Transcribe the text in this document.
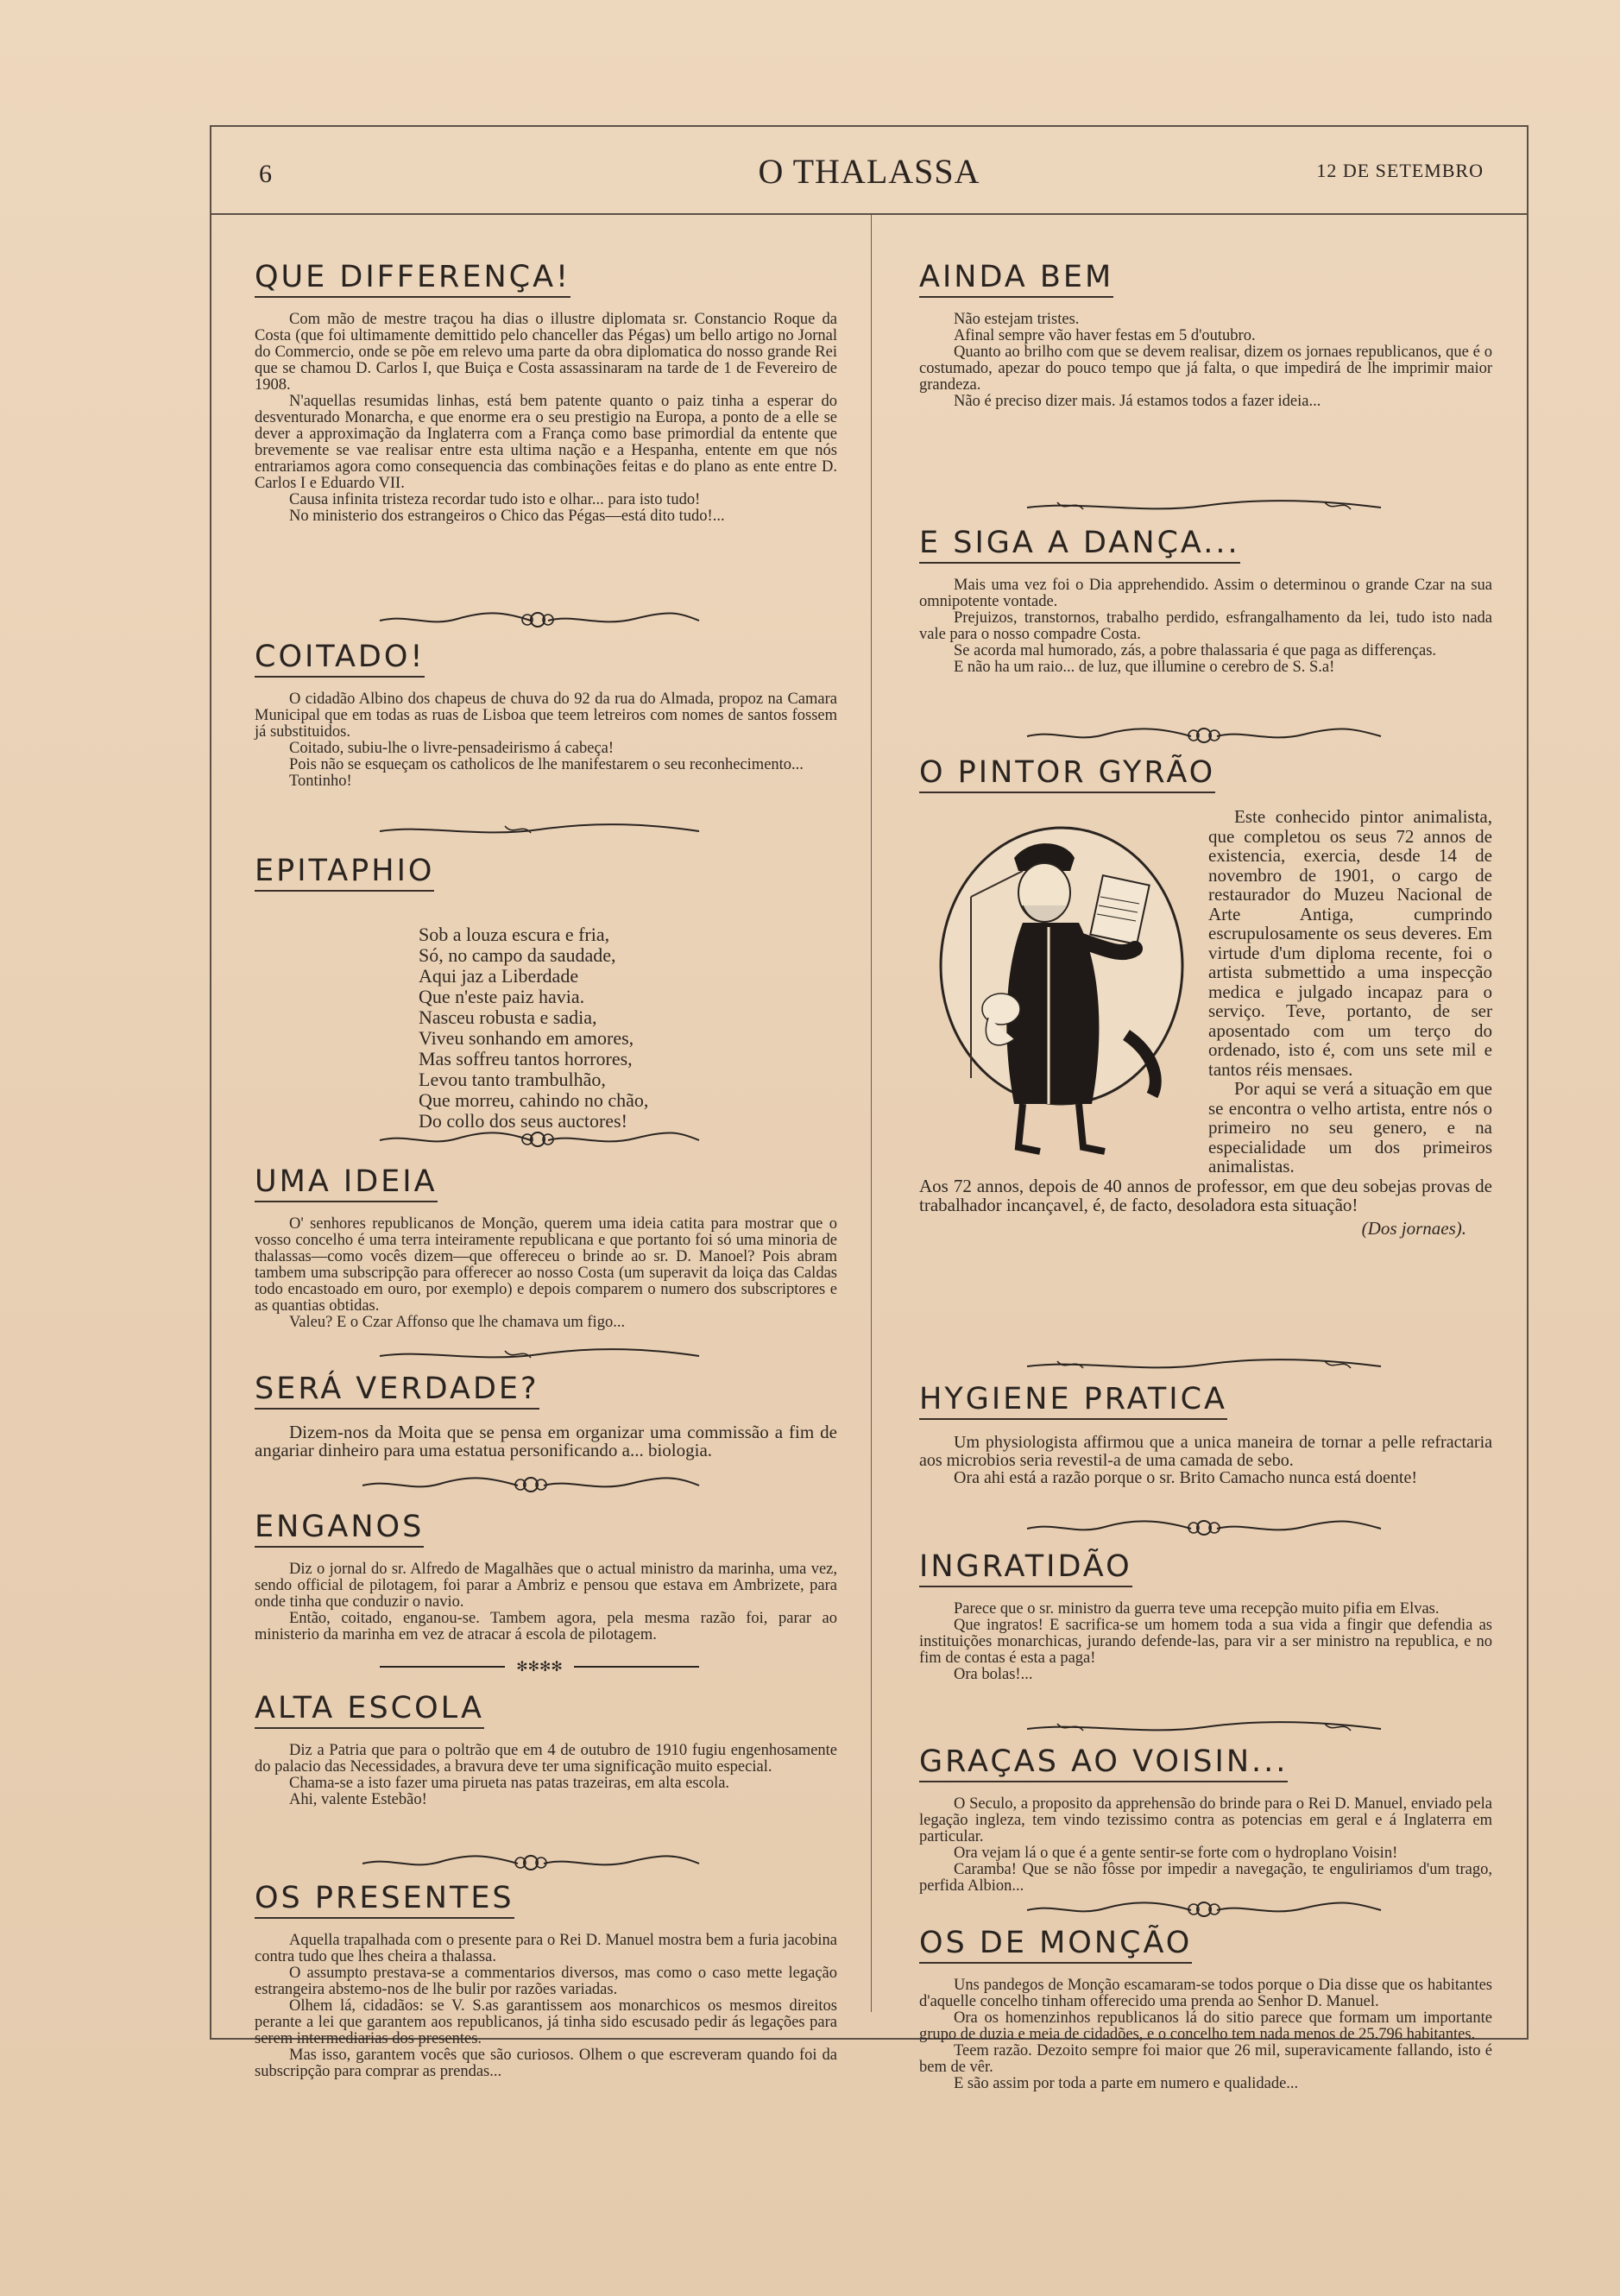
6	O THALASSA	12 DE SETEMBRO
QUE DIFFERENÇA!

Com mão de mestre traçou ha dias o illustre diplomata sr. Constancio Roque da Costa (que foi ultimamente demittido pelo chanceller das Pégas) um bello artigo no Jornal do Commercio, onde se põe em relevo uma parte da obra diplomatica do nosso grande Rei que se chamou D. Carlos I, que Buiça e Costa assassinaram na tarde de 1 de Fevereiro de 1908.

N'aquellas resumidas linhas, está bem patente quanto o paiz tinha a esperar do desventurado Monarcha, e que enorme era o seu prestigio na Europa, a ponto de a elle se dever a approximação da Inglaterra com a França como base primordial da entente que brevemente se vae realisar entre esta ultima nação e a Hespanha, entente em que nós entrariamos agora como consequencia das combinações feitas e do plano as ente entre D. Carlos I e Eduardo VII.

Causa infinita tristeza recordar tudo isto e olhar... para isto tudo!

No ministerio dos estrangeiros o Chico das Pégas—está dito tudo!...

COITADO!

O cidadão Albino dos chapeus de chuva do 92 da rua do Almada, propoz na Camara Municipal que em todas as ruas de Lisboa que teem letreiros com nomes de santos fossem já substituidos.

Coitado, subiu-lhe o livre-pensadeirismo á cabeça!

Pois não se esqueçam os catholicos de lhe manifestarem o seu reconhecimento...

Tontinho!

EPITAPHIO
Sob a louza escura e fria,
Só, no campo da saudade,
Aqui jaz a Liberdade
Que n'este paiz havia.
Nasceu robusta e sadia,
Viveu sonhando em amores,
Mas soffreu tantos horrores,
Levou tanto trambulhão,
Que morreu, cahindo no chão,
Do collo dos seus auctores!
UMA IDEIA

O' senhores republicanos de Monção, querem uma ideia catita para mostrar que o vosso concelho é uma terra inteiramente republicana e que portanto foi só uma minoria de thalassas—como vocês dizem—que offereceu o brinde ao sr. D. Manoel? Pois abram tambem uma subscripção para offerecer ao nosso Costa (um superavit da loiça das Caldas todo encastoado em ouro, por exemplo) e depois comparem o numero dos subscriptores e as quantias obtidas.

Valeu? E o Czar Affonso que lhe chamava um figo...

SERÁ VERDADE?

Dizem-nos da Moita que se pensa em organizar uma commissão a fim de angariar dinheiro para uma estatua personificando a... biologia.

ENGANOS

Diz o jornal do sr. Alfredo de Magalhães que o actual ministro da marinha, uma vez, sendo official de pilotagem, foi parar a Ambriz e pensou que estava em Ambrizete, para onde tinha que conduzir o navio.

Então, coitado, enganou-se. Tambem agora, pela mesma razão foi, parar ao ministerio da marinha em vez de atracar á escola de pilotagem.

✻✻✻✻
ALTA ESCOLA

Diz a Patria que para o poltrão que em 4 de outubro de 1910 fugiu engenhosamente do palacio das Necessidades, a bravura deve ter uma significação muito especial.

Chama-se a isto fazer uma pirueta nas patas trazeiras, em alta escola.

Ahi, valente Estebão!

OS PRESENTES

Aquella trapalhada com o presente para o Rei D. Manuel mostra bem a furia jacobina contra tudo que lhes cheira a thalassa.

O assumpto prestava-se a commentarios diversos, mas como o caso mette legação estrangeira abstemo-nos de lhe bulir por razões variadas.

Olhem lá, cidadãos: se V. S.as garantissem aos monarchicos os mesmos direitos perante a lei que garantem aos republicanos, já tinha sido escusado pedir ás legações para serem intermediarias dos presentes.

Mas isso, garantem vocês que são curiosos. Olhem o que escreveram quando foi da subscripção para comprar as prendas...

AINDA BEM

Não estejam tristes.

Afinal sempre vão haver festas em 5 d'outubro.

Quanto ao brilho com que se devem realisar, dizem os jornaes republicanos, que é o costumado, apezar do pouco tempo que já falta, o que impedirá de lhe imprimir maior grandeza.

Não é preciso dizer mais. Já estamos todos a fazer ideia...

E SIGA A DANÇA...

Mais uma vez foi o Dia apprehendido. Assim o determinou o grande Czar na sua omnipotente vontade.

Prejuizos, transtornos, trabalho perdido, esfrangalhamento da lei, tudo isto nada vale para o nosso compadre Costa.

Se acorda mal humorado, zás, a pobre thalassaria é que paga as differenças.

E não ha um raio... de luz, que illumine o cerebro de S. S.a!

O PINTOR GYRÃO
Este conhecido pintor animalista, que completou os seus 72 annos de existencia, exercia, desde 14 de novembro de 1901, o cargo de restaurador do Muzeu Nacional de Arte Antiga, cumprindo escrupulosamente os seus deveres. Em virtude d'um diploma recente, foi o artista submettido a uma inspecção medica e julgado incapaz para o serviço. Teve, portanto, de ser aposentado com um terço do ordenado, isto é, com uns sete mil e tantos réis mensaes.
Por aqui se verá a situação em que se encontra o velho artista, entre nós o primeiro no seu genero, e na especialidade um dos primeiros animalistas.
Aos 72 annos, depois de 40 annos de professor, em que deu sobejas provas de trabalhador incançavel, é, de facto, desoladora esta situação!
(Dos jornaes).
HYGIENE PRATICA

Um physiologista affirmou que a unica maneira de tornar a pelle refractaria aos microbios seria revestil-a de uma camada de sebo.

Ora ahi está a razão porque o sr. Brito Camacho nunca está doente!

INGRATIDÃO

Parece que o sr. ministro da guerra teve uma recepção muito pifia em Elvas.

Que ingratos! E sacrifica-se um homem toda a sua vida a fingir que defendia as instituições monarchicas, jurando defende-las, para vir a ser ministro na republica, e no fim de contas é esta a paga!

Ora bolas!...

GRAÇAS AO VOISIN...

O Seculo, a proposito da apprehensão do brinde para o Rei D. Manuel, enviado pela legação ingleza, tem vindo tezissimo contra as potencias em geral e á Inglaterra em particular.

Ora vejam lá o que é a gente sentir-se forte com o hydroplano Voisin!

Caramba! Que se não fôsse por impedir a navegação, te enguliriamos d'um trago, perfida Albion...

OS DE MONÇÃO

Uns pandegos de Monção escamaram-se todos porque o Dia disse que os habitantes d'aquelle concelho tinham offerecido uma prenda ao Senhor D. Manuel.

Ora os homenzinhos republicanos lá do sitio parece que formam um importante grupo de duzia e meia de cidadões, e o concelho tem nada menos de 25.796 habitantes.

Teem razão. Dezoito sempre foi maior que 26 mil, superavicamente fallando, isto é bem de vêr.

E são assim por toda a parte em numero e qualidade...
